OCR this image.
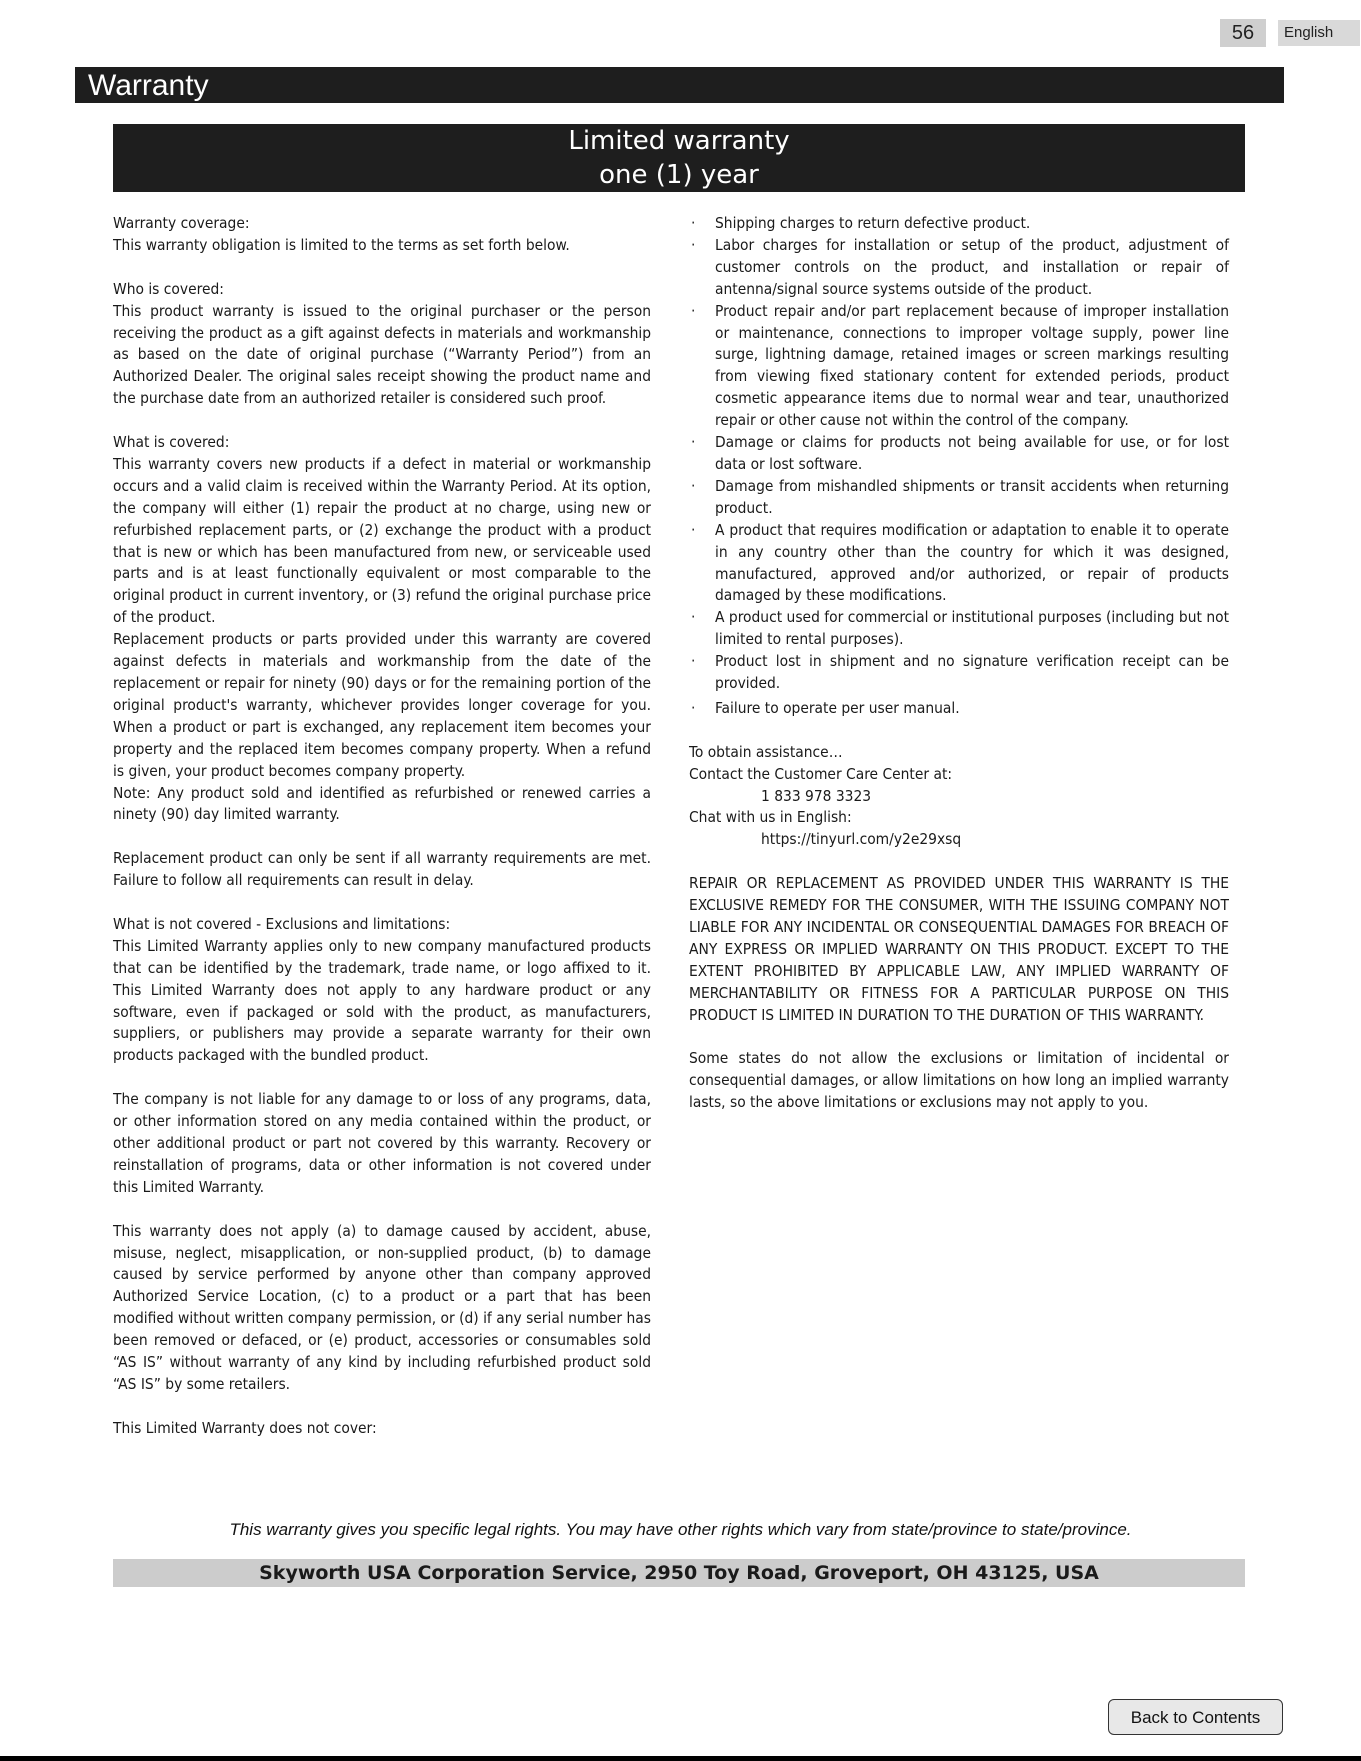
56	English
Warranty
Limited warranty
one (1) year

Warranty coverage:

This warranty obligation is limited to the terms as set forth below.

Who is covered:

This product warranty is issued to the original purchaser or the person receiving the product as a gift against defects in materials and workmanship as based on the date of original purchase (“Warranty Period”) from an Authorized Dealer. The original sales receipt showing the product name and the purchase date from an authorized retailer is considered such proof.

What is covered:

This warranty covers new products if a defect in material or workmanship occurs and a valid claim is received within the Warranty Period. At its option, the company will either (1) repair the product at no charge, using new or refurbished replacement parts, or (2) exchange the product with a product that is new or which has been manufactured from new, or serviceable used parts and is at least functionally equivalent or most comparable to the original product in current inventory, or (3) refund the original purchase price of the product.

Replacement products or parts provided under this warranty are covered against defects in materials and workmanship from the date of the replacement or repair for ninety (90) days or for the remaining portion of the original product's warranty, whichever provides longer coverage for you. When a product or part is exchanged, any replacement item becomes your property and the replaced item becomes company property. When a refund is given, your product becomes company property.

Note: Any product sold and identified as refurbished or renewed carries a ninety (90) day limited warranty.

Replacement product can only be sent if all warranty requirements are met. Failure to follow all requirements can result in delay.

What is not covered - Exclusions and limitations:

This Limited Warranty applies only to new company manufactured products that can be identified by the trademark, trade name, or logo affixed to it. This Limited Warranty does not apply to any hardware product or any software, even if packaged or sold with the product, as manufacturers, suppliers, or publishers may provide a separate warranty for their own products packaged with the bundled product.

The company is not liable for any damage to or loss of any programs, data, or other information stored on any media contained within the product, or other additional product or part not covered by this warranty. Recovery or reinstallation of programs, data or other information is not covered under this Limited Warranty.

This warranty does not apply (a) to damage caused by accident, abuse, misuse, neglect, misapplication, or non-supplied product, (b) to damage caused by service performed by anyone other than company approved Authorized Service Location, (c) to a product or a part that has been modified without written company permission, or (d) if any serial number has been removed or defaced, or (e) product, accessories or consumables sold “AS IS” without warranty of any kind by including refurbished product sold “AS IS” by some retailers.

This Limited Warranty does not cover:

· Shipping charges to return defective product.
· Labor charges for installation or setup of the product, adjustment of customer controls on the product, and installation or repair of antenna/signal source systems outside of the product.
· Product repair and/or part replacement because of improper installation or maintenance, connections to improper voltage supply, power line surge, lightning damage, retained images or screen markings resulting from viewing fixed stationary content for extended periods, product cosmetic appearance items due to normal wear and tear, unauthorized repair or other cause not within the control of the company.
· Damage or claims for products not being available for use, or for lost data or lost software.
· Damage from mishandled shipments or transit accidents when returning product.
· A product that requires modification or adaptation to enable it to operate in any country other than the country for which it was designed, manufactured, approved and/or authorized, or repair of products damaged by these modifications.
· A product used for commercial or institutional purposes (including but not limited to rental purposes).
· Product lost in shipment and no signature verification receipt can be provided.
· Failure to operate per user manual.

To obtain assistance…

Contact the Customer Care Center at:

1 833 978 3323

Chat with us in English:

https://tinyurl.com/y2e29xsq

REPAIR OR REPLACEMENT AS PROVIDED UNDER THIS WARRANTY IS THE EXCLUSIVE REMEDY FOR THE CONSUMER, WITH THE ISSUING COMPANY NOT LIABLE FOR ANY INCIDENTAL OR CONSEQUENTIAL DAMAGES FOR BREACH OF ANY EXPRESS OR IMPLIED WARRANTY ON THIS PRODUCT. EXCEPT TO THE EXTENT PROHIBITED BY APPLICABLE LAW, ANY IMPLIED WARRANTY OF MERCHANTABILITY OR FITNESS FOR A PARTICULAR PURPOSE ON THIS PRODUCT IS LIMITED IN DURATION TO THE DURATION OF THIS WARRANTY.

Some states do not allow the exclusions or limitation of incidental or consequential damages, or allow limitations on how long an implied warranty lasts, so the above limitations or exclusions may not apply to you.

This warranty gives you specific legal rights. You may have other rights which vary from state/province to state/province.
Skyworth USA Corporation Service, 2950 Toy Road, Groveport, OH 43125, USA
Back to Contents
